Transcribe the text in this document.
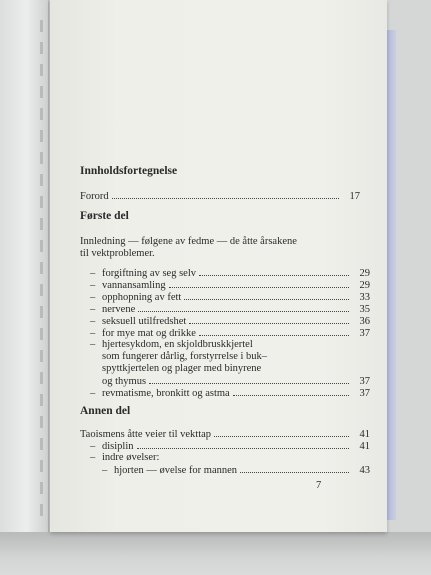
Innholdsfortegnelse
Forord	17
Første del
Innledning — følgene av fedme — de åtte årsakene
til vektproblemer.
– forgiftning av seg selv	29
– vannansamling	29
– opphopning av fett	33
– nervene	35
– seksuell utilfredshet	36
– for mye mat og drikke	37
– hjertesykdom, en skjoldbruskkjertel
som fungerer dårlig, forstyrrelse i buk–
spyttkjertelen og plager med binyrene
og thymus	37
– revmatisme, bronkitt og astma	37
Annen del
Taoismens åtte veier til vekttap	41
– disiplin	41
– indre øvelser:
– hjorten — øvelse for mannen	43
7
